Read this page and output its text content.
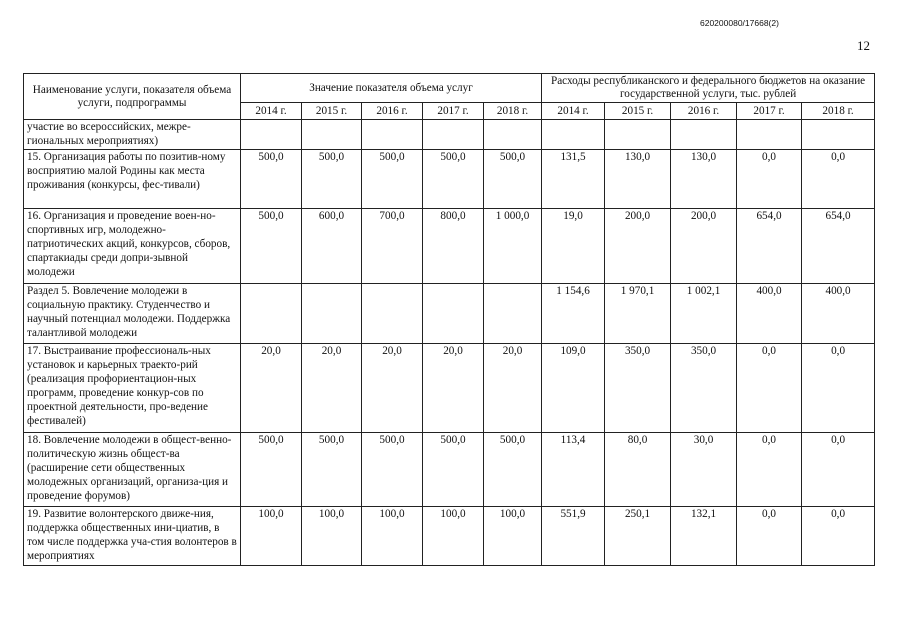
620200080/17668(2)
12
Наименование услуги, показателя объема услуги, подпрограммы	Значение показателя объема услуг					Расходы республиканского и федерального бюджетов на оказание государственной услуги, тыс. рублей				
	2014 г.	2015 г.	2016 г.	2017 г.	2018 г.	2014 г.	2015 г.	2016 г.	2017 г.	2018 г.
участие во всероссийских, межре-гиональных мероприятиях)										
15. Организация работы по позитив-ному восприятию малой Родины как места проживания (конкурсы, фес-тивали)	500,0	500,0	500,0	500,0	500,0	131,5	130,0	130,0	0,0	0,0
16. Организация и проведение воен-но-спортивных игр, молодежно-патриотических акций, конкурсов, сборов, спартакиады среди допри-зывной молодежи	500,0	600,0	700,0	800,0	1 000,0	19,0	200,0	200,0	654,0	654,0
Раздел 5. Вовлечение молодежи в социальную практику. Студенчество и научный потенциал молодежи. Поддержка талантливой молодежи						1 154,6	1 970,1	1 002,1	400,0	400,0
17. Выстраивание профессиональ-ных установок и карьерных траекто-рий (реализация профориентацион-ных программ, проведение конкур-сов по проектной деятельности, про-ведение фестивалей)	20,0	20,0	20,0	20,0	20,0	109,0	350,0	350,0	0,0	0,0
18. Вовлечение молодежи в общест-венно-политическую жизнь общест-ва (расширение сети общественных молодежных организаций, организа-ция и проведение форумов)	500,0	500,0	500,0	500,0	500,0	113,4	80,0	30,0	0,0	0,0
19. Развитие волонтерского движе-ния, поддержка общественных ини-циатив, в том числе поддержка уча-стия волонтеров в мероприятиях	100,0	100,0	100,0	100,0	100,0	551,9	250,1	132,1	0,0	0,0
